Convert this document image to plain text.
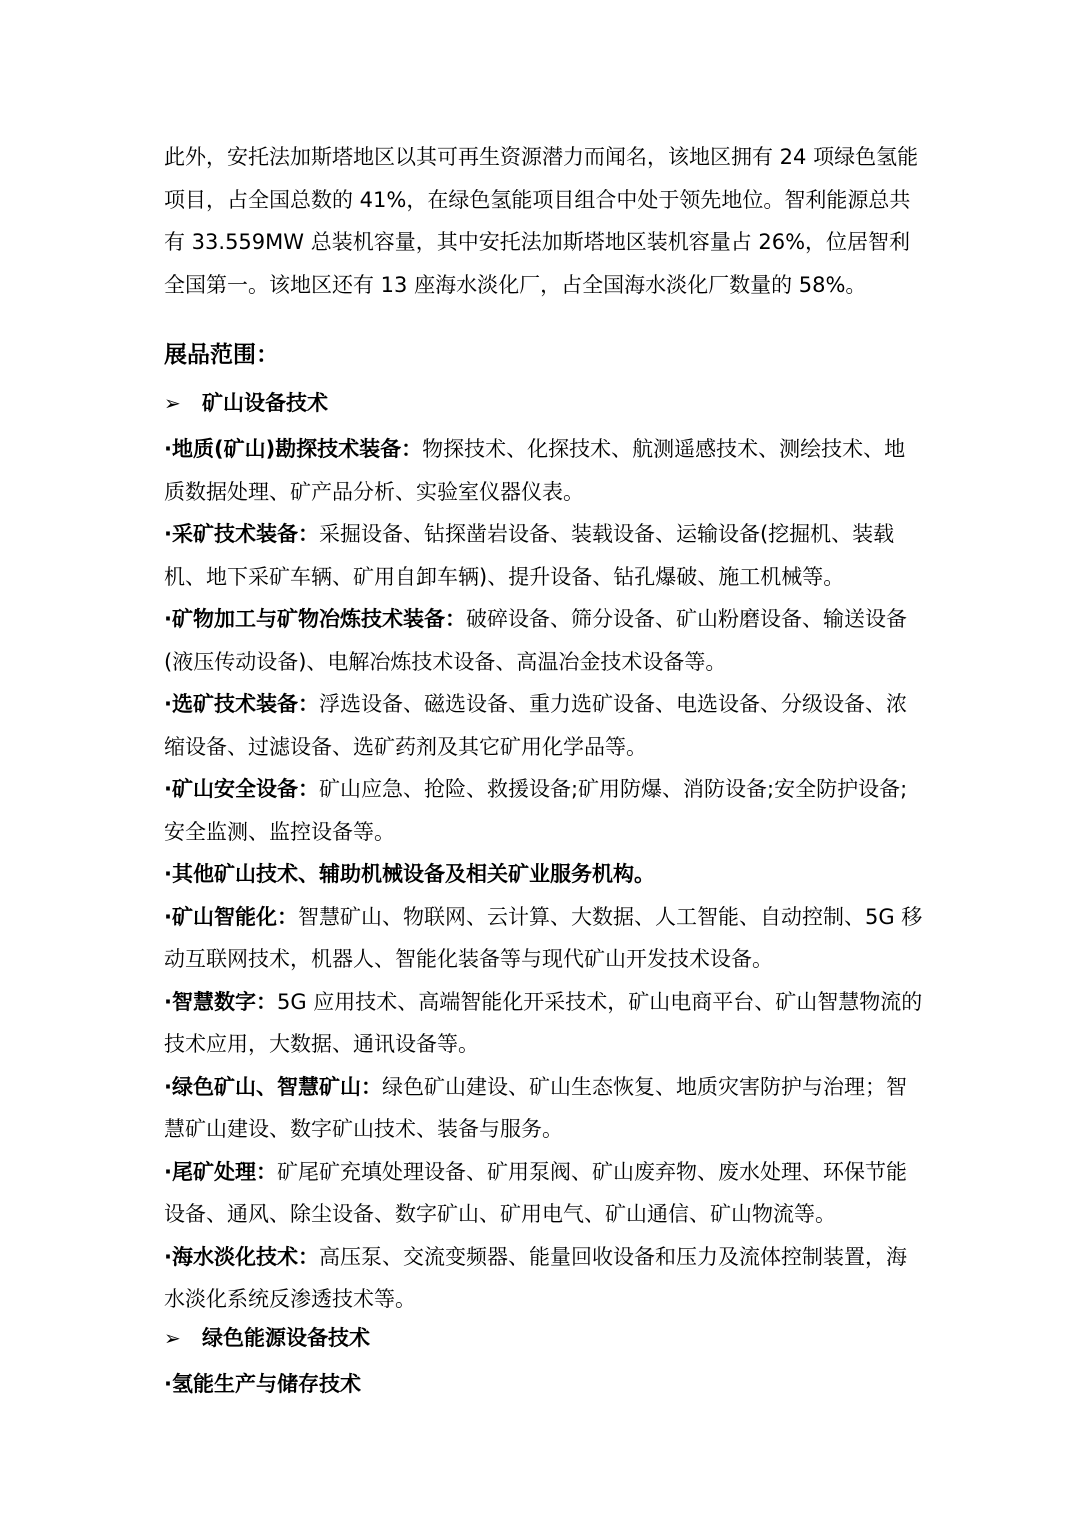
此外，安托法加斯塔地区以其可再生资源潜力而闻名，该地区拥有 24 项绿色氢能项目，占全国总数的 41%，在绿色氢能项目组合中处于领先地位。智利能源总共有 33.559MW 总装机容量，其中安托法加斯塔地区装机容量占 26%，位居智利全国第一。该地区还有 13 座海水淡化厂，占全国海水淡化厂数量的 58%。

展品范围：
➢	矿山设备技术

·地质(矿山)勘探技术装备：物探技术、化探技术、航测遥感技术、测绘技术、地质数据处理、矿产品分析、实验室仪器仪表。

·采矿技术装备：采掘设备、钻探凿岩设备、装载设备、运输设备(挖掘机、装载机、地下采矿车辆、矿用自卸车辆)、提升设备、钻孔爆破、施工机械等。

·矿物加工与矿物冶炼技术装备：破碎设备、筛分设备、矿山粉磨设备、输送设备(液压传动设备)、电解冶炼技术设备、高温冶金技术设备等。

·选矿技术装备：浮选设备、磁选设备、重力选矿设备、电选设备、分级设备、浓缩设备、过滤设备、选矿药剂及其它矿用化学品等。

·矿山安全设备：矿山应急、抢险、救援设备;矿用防爆、消防设备;安全防护设备;安全监测、监控设备等。

·其他矿山技术、辅助机械设备及相关矿业服务机构。

·矿山智能化：智慧矿山、物联网、云计算、大数据、人工智能、自动控制、5G 移动互联网技术，机器人、智能化装备等与现代矿山开发技术设备。

·智慧数字：5G 应用技术、高端智能化开采技术，矿山电商平台、矿山智慧物流的技术应用，大数据、通讯设备等。

·绿色矿山、智慧矿山：绿色矿山建设、矿山生态恢复、地质灾害防护与治理；智慧矿山建设、数字矿山技术、装备与服务。

·尾矿处理：矿尾矿充填处理设备、矿用泵阀、矿山废弃物、废水处理、环保节能设备、通风、除尘设备、数字矿山、矿用电气、矿山通信、矿山物流等。

·海水淡化技术：高压泵、交流变频器、能量回收设备和压力及流体控制装置，海水淡化系统反渗透技术等。

➢	绿色能源设备技术

·氢能生产与储存技术
